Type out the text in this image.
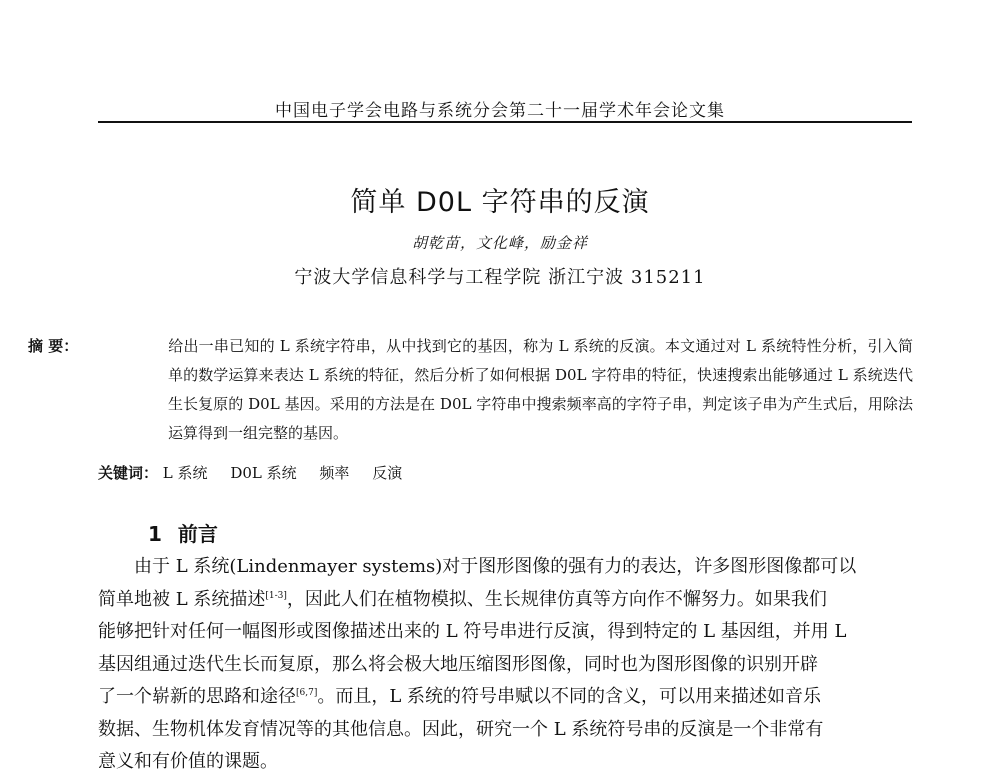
中国电子学会电路与系统分会第二十一届学术年会论文集
简单 D0L 字符串的反演
胡乾苗，文化峰，励金祥
宁波大学信息科学与工程学院 浙江宁波 315211
摘 要：	给出一串已知的 L 系统字符串，从中找到它的基因，称为 L 系统的反演。本文通过对 L 系统特性分析，引入简单的数学运算来表达 L 系统的特征，然后分析了如何根据 D0L 字符串的特征，快速搜索出能够通过 L 系统迭代生长复原的 D0L 基因。采用的方法是在 D0L 字符串中搜索频率高的字符子串，判定该子串为产生式后，用除法运算得到一组完整的基因。
关键词： L 系统 D0L 系统 频率 反演
1 前言
由于 L 系统(Lindenmayer systems)对于图形图像的强有力的表达，许多图形图像都可以
简单地被 L 系统描述[1-3]，因此人们在植物模拟、生长规律仿真等方向作不懈努力。如果我们
能够把针对任何一幅图形或图像描述出来的 L 符号串进行反演，得到特定的 L 基因组，并用 L
基因组通过迭代生长而复原，那么将会极大地压缩图形图像，同时也为图形图像的识别开辟
了一个崭新的思路和途径[6,7]。而且，L 系统的符号串赋以不同的含义，可以用来描述如音乐
数据、生物机体发育情况等的其他信息。因此，研究一个 L 系统符号串的反演是一个非常有
意义和有价值的课题。
